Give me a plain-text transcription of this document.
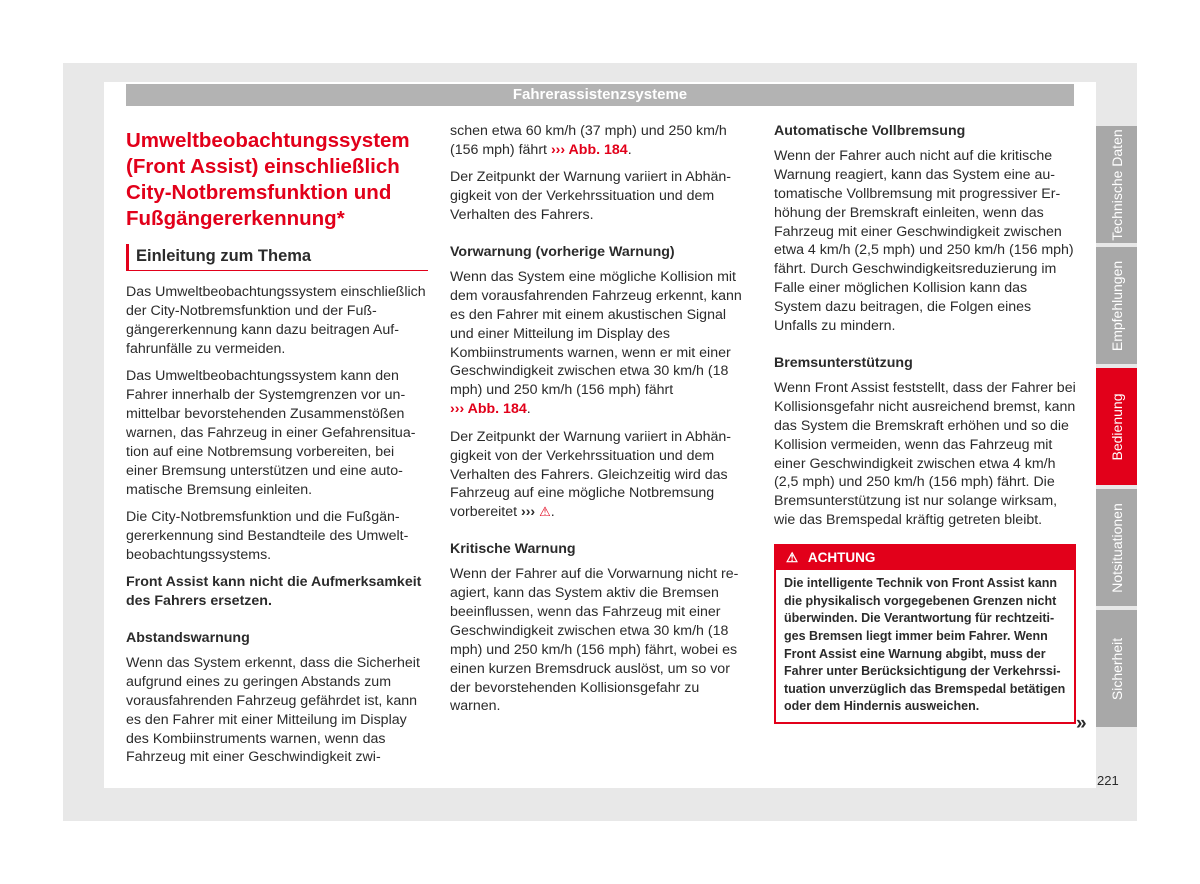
Fahrerassistenzsysteme
Umweltbeobachtungssystem (Front Assist) einschließlich City-Notbremsfunktion und Fußgängererkennung*
Einleitung zum Thema

Das Umweltbeobachtungssystem einschließlich der City-Notbremsfunktion und der Fußgängererkennung kann dazu beitragen Auffahrunfälle zu vermeiden.

Das Umweltbeobachtungssystem kann den Fahrer innerhalb der Systemgrenzen vor unmittelbar bevorstehenden Zusammenstößen warnen, das Fahrzeug in einer Gefahrensituation auf eine Notbremsung vorbereiten, bei einer Bremsung unterstützen und eine automatische Bremsung einleiten.

Die City-Notbremsfunktion und die Fußgängererkennung sind Bestandteile des Umweltbeobachtungssystems.

Front Assist kann nicht die Aufmerksamkeit des Fahrers ersetzen.

Abstandswarnung

Wenn das System erkennt, dass die Sicherheit aufgrund eines zu geringen Abstands zum vorausfahrenden Fahrzeug gefährdet ist, kann es den Fahrer mit einer Mitteilung im Display des Kombiinstruments warnen, wenn das Fahrzeug mit einer Geschwindigkeit zwi-

schen etwa 60 km/h (37 mph) und 250 km/h (156 mph) fährt ››› Abb. 184.

Der Zeitpunkt der Warnung variiert in Abhängigkeit von der Verkehrssituation und dem Verhalten des Fahrers.

Vorwarnung (vorherige Warnung)

Wenn das System eine mögliche Kollision mit dem vorausfahrenden Fahrzeug erkennt, kann es den Fahrer mit einem akustischen Signal und einer Mitteilung im Display des Kombiinstruments warnen, wenn er mit einer Geschwindigkeit zwischen etwa 30 km/h (18 mph) und 250 km/h (156 mph) fährt
››› Abb. 184.

Der Zeitpunkt der Warnung variiert in Abhängigkeit von der Verkehrssituation und dem Verhalten des Fahrers. Gleichzeitig wird das Fahrzeug auf eine mögliche Notbremsung vorbereitet ››› ⚠.

Kritische Warnung

Wenn der Fahrer auf die Vorwarnung nicht reagiert, kann das System aktiv die Bremsen beeinflussen, wenn das Fahrzeug mit einer Geschwindigkeit zwischen etwa 30 km/h (18 mph) und 250 km/h (156 mph) fährt, wobei es einen kurzen Bremsdruck auslöst, um so vor der bevorstehenden Kollisionsgefahr zu warnen.

Automatische Vollbremsung

Wenn der Fahrer auch nicht auf die kritische Warnung reagiert, kann das System eine automatische Vollbremsung mit progressiver Erhöhung der Bremskraft einleiten, wenn das Fahrzeug mit einer Geschwindigkeit zwischen etwa 4 km/h (2,5 mph) und 250 km/h (156 mph) fährt. Durch Geschwindigkeitsreduzierung im Falle einer möglichen Kollision kann das System dazu beitragen, die Folgen eines Unfalls zu mindern.

Bremsunterstützung

Wenn Front Assist feststellt, dass der Fahrer bei Kollisionsgefahr nicht ausreichend bremst, kann das System die Bremskraft erhöhen und so die Kollision vermeiden, wenn das Fahrzeug mit einer Geschwindigkeit zwischen etwa 4 km/h (2,5 mph) und 250 km/h (156 mph) fährt. Die Bremsunterstützung ist nur solange wirksam, wie das Bremspedal kräftig getreten bleibt.

⚠ ACHTUNG
Die intelligente Technik von Front Assist kann die physikalisch vorgegebenen Grenzen nicht überwinden. Die Verantwortung für rechtzeitiges Bremsen liegt immer beim Fahrer. Wenn Front Assist eine Warnung abgibt, muss der Fahrer unter Berücksichtigung der Verkehrssituation unverzüglich das Bremspedal betätigen oder dem Hindernis ausweichen.
»
Technische Daten
Empfehlungen
Bedienung
Notsituationen
Sicherheit
221
